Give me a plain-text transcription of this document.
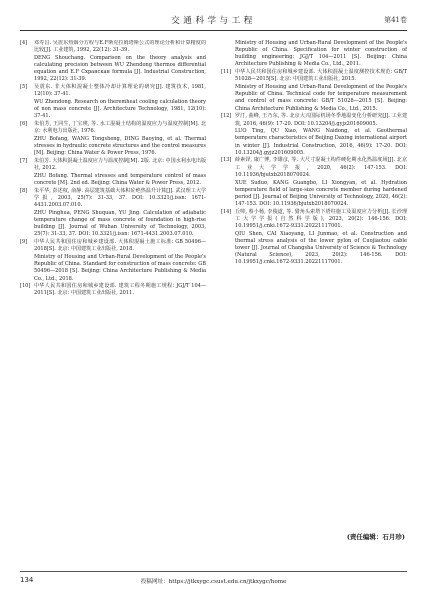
交通科学与工程	第41卷
[4] 邓寿昌. 吴震东热烟分方程与E.F斯克拉姆塔斯公式的理论分析和计算精度的比较[J]. 工业建筑, 1992, 22(12): 31-39.
DENG Shouchang. Comparison on the theory analysis and calculating precision between WU Zhendong thermos differential equation and E.F Cxpaнcкан formula [J]. Industrial Construction, 1992, 22(12): 31-39.
[5] 吴震东. 非大体积混凝土整体冷却计算理论的研究[J]. 建筑技术, 1981, 12(10): 37-41.
WU Zhendong. Research on theremheat cooling calculation theory of non mass concrete [J]. Architecture Technology, 1981, 12(10): 37-41.
[6] 朱伯芳, 王同生, 丁宝瑛, 等. 水工混凝土结构的温度应力与温度控制[M]. 北京: 水利电力出版社, 1976.
ZHU Bofang, WANG Tongsheng, DING Baoying, et al. Thermal stresses in hydraulic concrete structures and the control measures [M]. Beijing: China Water & Power Press, 1976.
[7] 朱伯芳. 大体积混凝土温度应力与温度控制[M]. 2版. 北京: 中国水利水电出版社, 2012.
ZHU Bofang. Thermal stresses and temperature control of mass concrete [M]. 2nd ed. Beijing: China Water & Power Press, 2012.
[8] 朱平华, 彭述权, 俞静. 高层建筑基础大体积砼绝热温升计算[J]. 武汉理工大学学报, 2003, 25(7): 31-33, 37. DOI: 10.3321/j.issn: 1671-4431.2003.07.010.
ZHU Pinghua, PENG Shuquan, YU Jing. Calculation of adiabatic temperature change of mass concrete of foundation in high-rise building [J]. Journal of Wuhan University of Technology, 2003, 25(7): 31-33, 37. DOI: 10.3321/j.issn: 1671-4431.2003.07.010.
[9] 中华人民共和国住房和城乡建设部. 大体积混凝土施工标准: GB 50496—2018[S]. 北京: 中国建筑工业出版社, 2018.
Ministry of Housing and Urban-Rural Development of the People's Republic of China. Standard for construction of mass concrete: GB 50496—2018 [S]. Beijing: China Architecture Publishing & Media Co., Ltd., 2018.
[10] 中华人民共和国住房和城乡建设部. 建筑工程冬期施工规程: JGJ/T 104—2011[S]. 北京: 中国建筑工业出版社, 2011.
Ministry of Housing and Urban-Rural Development of the People's Republic of China. Specification for winter construction of building engineering: JGJ/T 104—2011 [S]. Beijing: China Architecture Publishing & Media Co., Ltd., 2011.
[11] 中华人民共和国住房和城乡建设部. 大体积混凝土温度测控技术规范: GB/T 51028—2015[S]. 北京: 中国建筑工业出版社, 2015.
Ministry of Housing and Urban-Rural Development of the People's Republic of China. Technical code for temperature measurement and control of mass concrete: GB/T 51028—2015 [S]. Beijing: China Architecture Publishing & Media Co., Ltd., 2015.
[12] 罗汀, 曲峰, 王乃东, 等. 北京大兴国际机场冬季地温变化分析研究[J]. 工业建筑, 2016, 46(9): 17-20. DOI: 10.13204/j.gyjz201609005.
LUO Ting, QU Xiao, WANG Naidong, et al. Geothermal temperature characteristics of Beijing Daxing international airport in winter [J]. Industrial Construction, 2016, 46(9): 17-20. DOI: 10.13204/j.gyjz201609005.
[13] 薛素铎, 康广博, 李雄彦, 等. 大尺寸混凝土构件硬化期水化热温度场[J]. 北京工业大学学报, 2020, 46(2): 147-153. DOI: 10.11936/bjutxb2018070024.
XUE Suduo, KANG Guangbo, LI Xiongyan, et al. Hydration temperature field of large-size concrete member during hardened period [J]. Journal of Beijing University of Technology, 2020, 46(2): 147-153. DOI: 10.11936/bjutxb2018070024.
[14] 丘帅, 蔡小杨, 李俊道, 等. 猎角头索塔下塔柱施工及温度应力分析[J]. 长沙理工大学学报(自然科学版), 2023, 20(2): 146-156. DOI: 10.19951/j.cnki.1672-9331.20221117001.
QIU Shen, CAI Xiaoyang, LI Junmao, et al. Construction and thermal stress analysis of the lower pylon of Cuojiaotou cable tower [J]. Journal of Changsha University of Science & Technology (Natural Science), 2023, 20(2): 146-156. DOI: 10.19951/j.cnki.1672-9331.20221117001.
(责任编辑：石月珍)
134	投稿网址：https://jtkxygc.csust.edu.cn/jtkxygc/home
